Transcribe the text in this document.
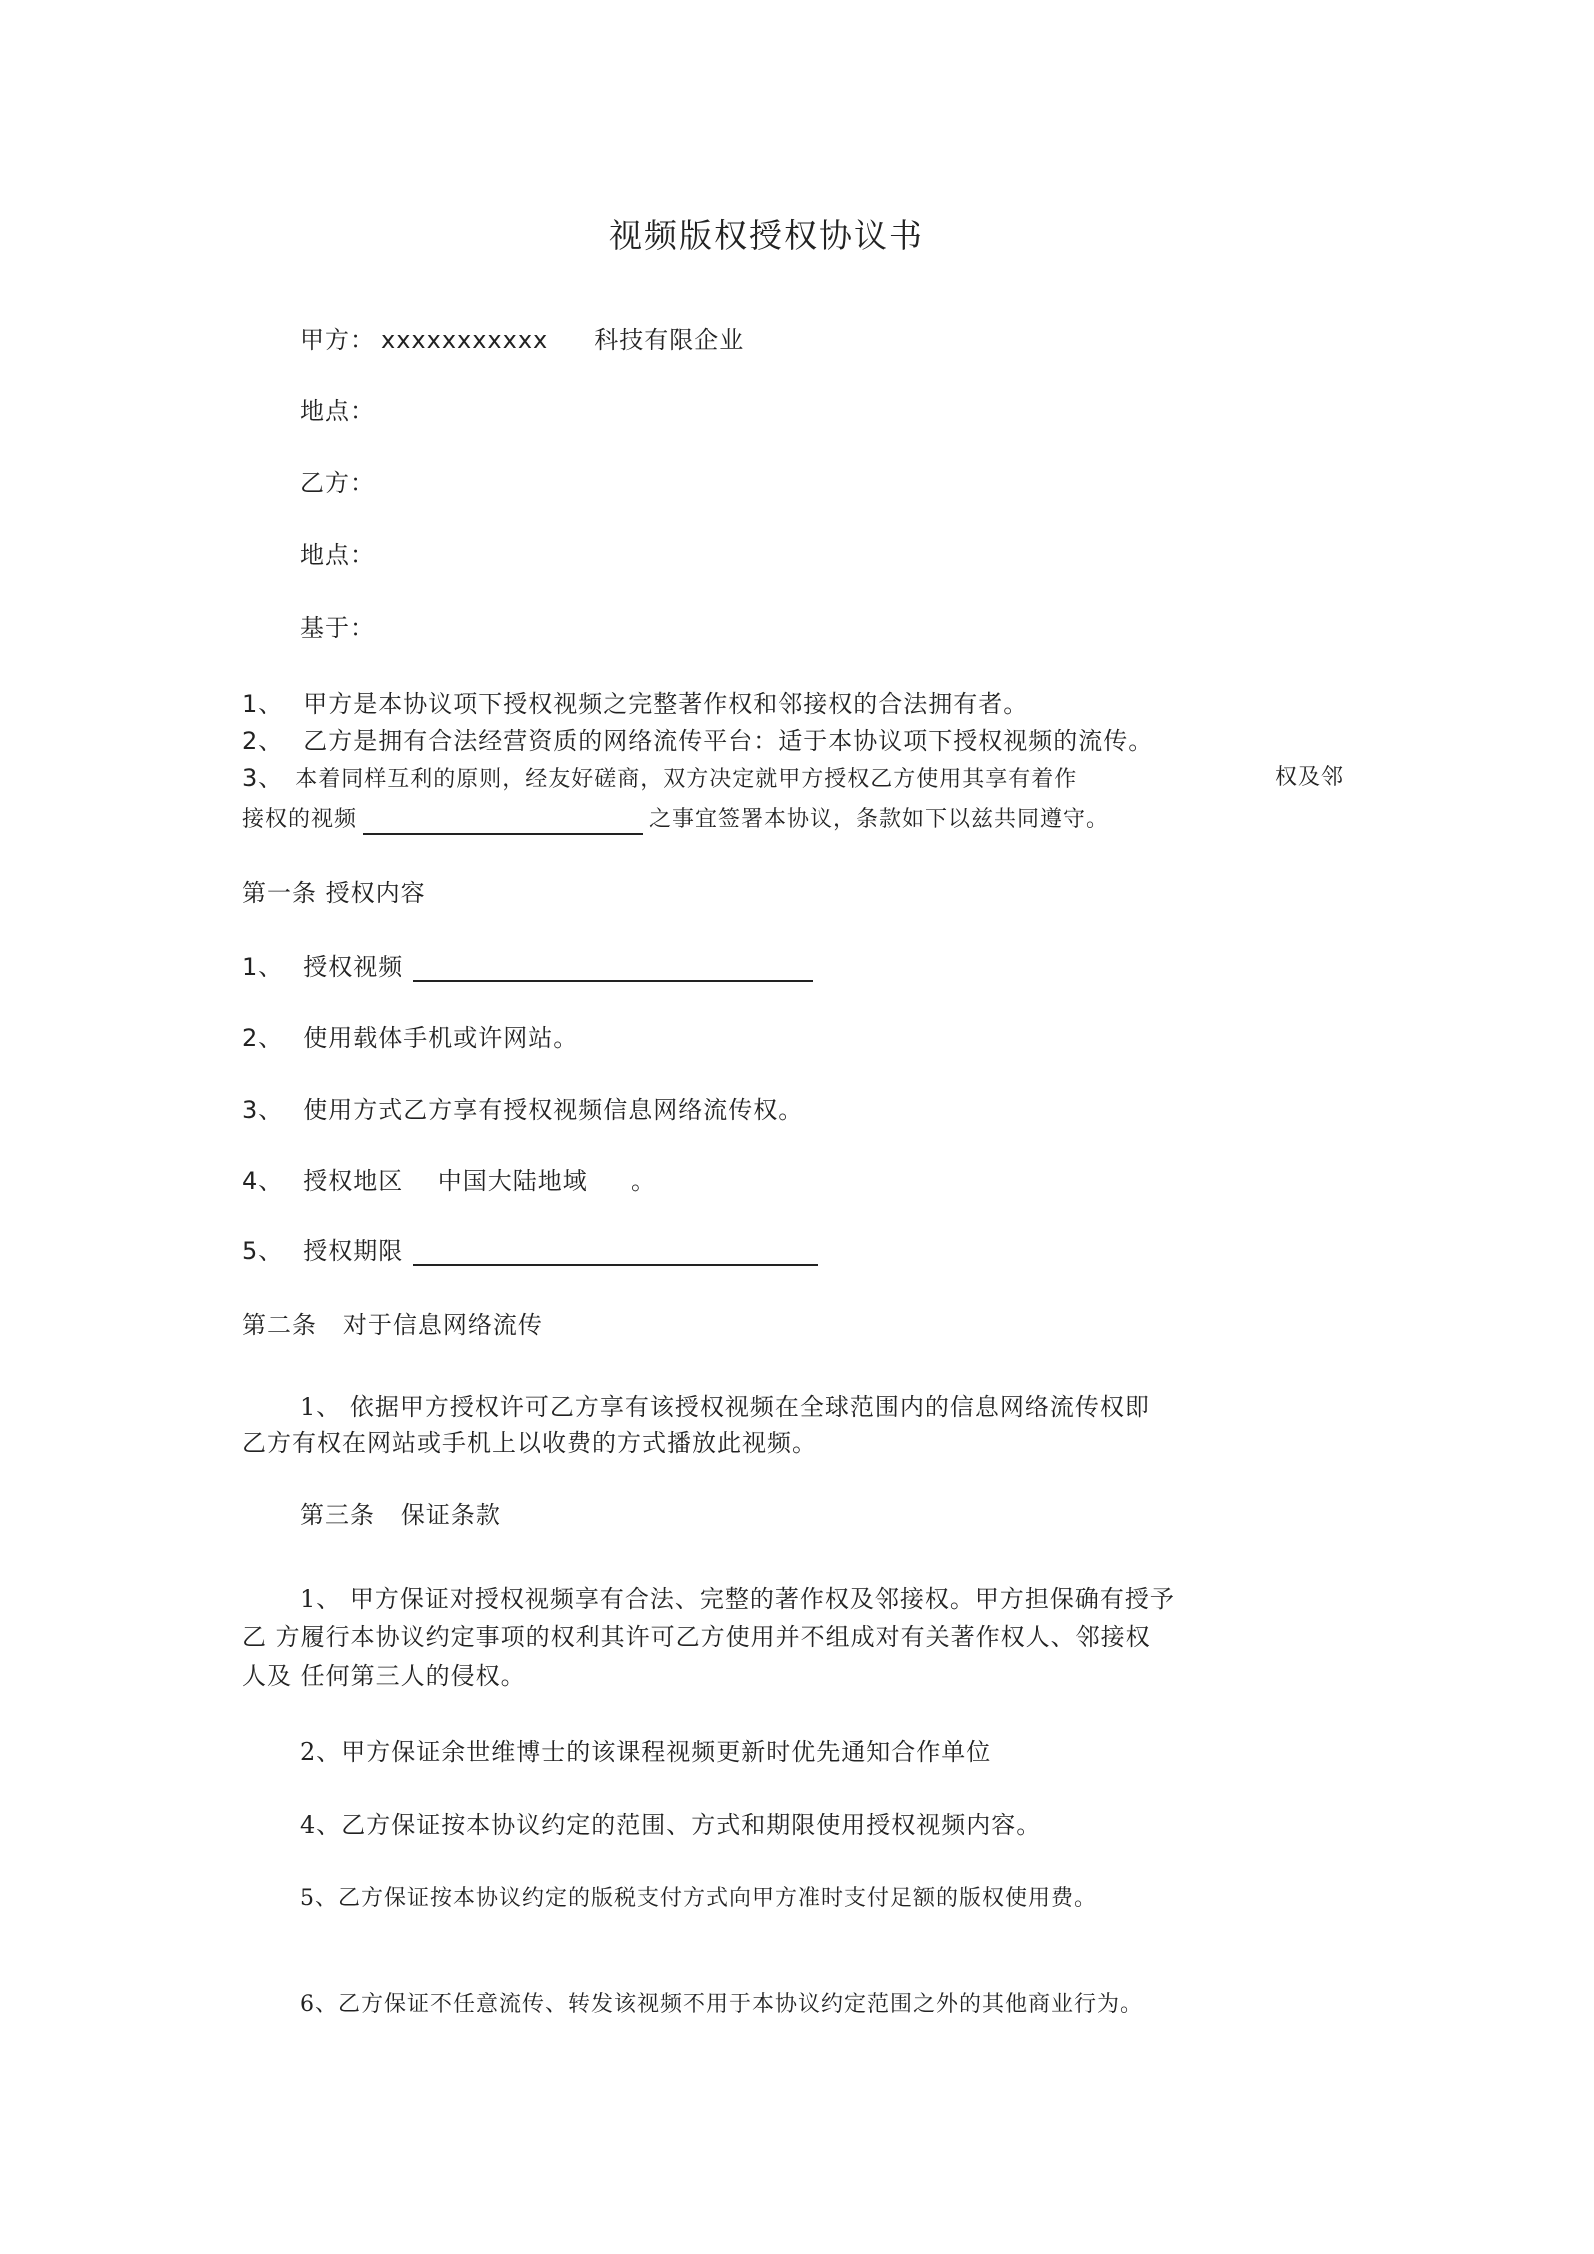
视频版权授权协议书
甲方： xxxxxxxxxxx 科技有限企业
地点：
乙方：
地点：
基于：
1、 甲方是本协议项下授权视频之完整著作权和邻接权的合法拥有者。
2、 乙方是拥有合法经营资质的网络流传平台：适于本协议项下授权视频的流传。
3、 本着同样互利的原则，经友好磋商，双方决定就甲方授权乙方使用其享有着作	权及邻
接权的视频	之事宜签署本协议，条款如下以兹共同遵守。
第一条 授权内容
1、 授权视频
2、 使用载体手机或许网站。
3、 使用方式乙方享有授权视频信息网络流传权。
4、 授权地区    中国大陆地域     。
5、 授权期限
第二条   对于信息网络流传
1、 依据甲方授权许可乙方享有该授权视频在全球范围内的信息网络流传权即
乙方有权在网站或手机上以收费的方式播放此视频。
第三条   保证条款
1、 甲方保证对授权视频享有合法、完整的著作权及邻接权。甲方担保确有授予
乙 方履行本协议约定事项的权利其许可乙方使用并不组成对有关著作权人、邻接权
人及 任何第三人的侵权。
2、甲方保证余世维博士的该课程视频更新时优先通知合作单位
4、乙方保证按本协议约定的范围、方式和期限使用授权视频内容。
5、乙方保证按本协议约定的版税支付方式向甲方准时支付足额的版权使用费。
6、乙方保证不任意流传、转发该视频不用于本协议约定范围之外的其他商业行为。
